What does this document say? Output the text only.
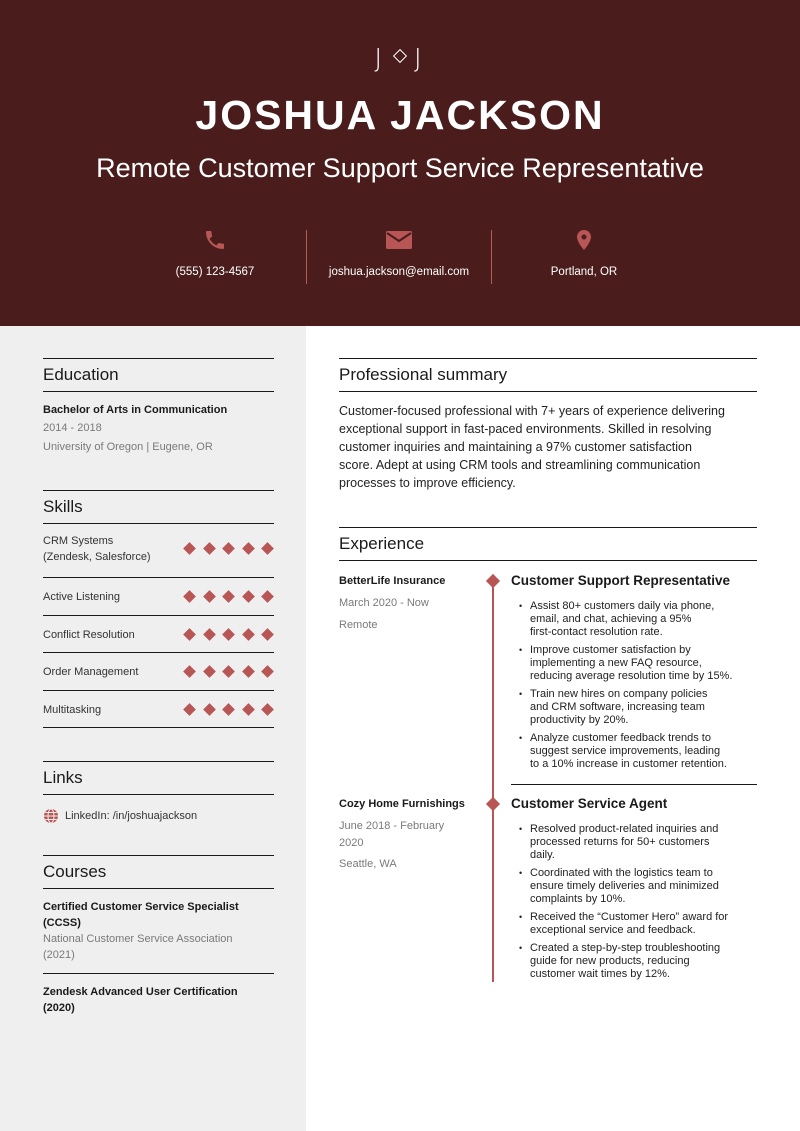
J J
JOSHUA JACKSON
Remote Customer Support Service Representative
(555) 123-4567	joshua.jackson@email.com	Portland, OR
Education
Bachelor of Arts in Communication
2014 - 2018
University of Oregon | Eugene, OR
Skills
CRM Systems
(Zendesk, Salesforce)
Active Listening
Conflict Resolution
Order Management
Multitasking
Links
LinkedIn: /in/joshuajackson
Courses
Certified Customer Service Specialist
(CCSS)
National Customer Service Association
(2021)
Zendesk Advanced User Certification
(2020)
Professional summary
Customer-focused professional with 7+ years of experience delivering
exceptional support in fast-paced environments. Skilled in resolving
customer inquiries and maintaining a 97% customer satisfaction
score. Adept at using CRM tools and streamlining communication
processes to improve efficiency.
Experience
BetterLife Insurance
March 2020 - Now
Remote
Customer Support Representative
• Assist 80+ customers daily via phone,
email, and chat, achieving a 95%
first-contact resolution rate.
• Improve customer satisfaction by
implementing a new FAQ resource,
reducing average resolution time by 15%.
• Train new hires on company policies
and CRM software, increasing team
productivity by 20%.
• Analyze customer feedback trends to
suggest service improvements, leading
to a 10% increase in customer retention.
Cozy Home Furnishings
June 2018 - February
2020
Seattle, WA
Customer Service Agent
• Resolved product-related inquiries and
processed returns for 50+ customers
daily.
• Coordinated with the logistics team to
ensure timely deliveries and minimized
complaints by 10%.
• Received the “Customer Hero” award for
exceptional service and feedback.
• Created a step-by-step troubleshooting
guide for new products, reducing
customer wait times by 12%.
